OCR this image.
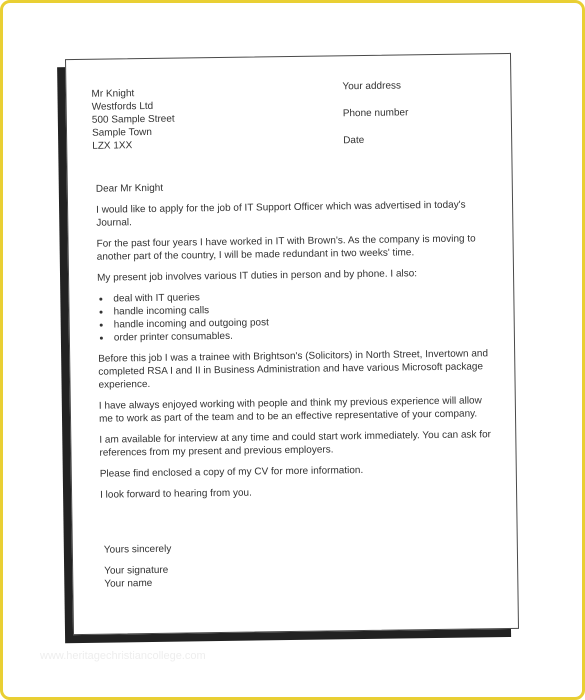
Mr Knight
Westfords Ltd
500 Sample Street
Sample Town
LZX 1XX
Your address
Phone number
Date

Dear Mr Knight

I would like to apply for the job of IT Support Officer which was advertised in today's Journal.

For the past four years I have worked in IT with Brown's. As the company is moving to another part of the country, I will be made redundant in two weeks' time.

My present job involves various IT duties in person and by phone. I also:

• deal with IT queries
• handle incoming calls
• handle incoming and outgoing post
• order printer consumables.

Before this job I was a trainee with Brightson's (Solicitors) in North Street, Invertown and completed RSA I and II in Business Administration and have various Microsoft package experience.

I have always enjoyed working with people and think my previous experience will allow me to work as part of the team and to be an effective representative of your company.

I am available for interview at any time and could start work immediately. You can ask for references from my present and previous employers.

Please find enclosed a copy of my CV for more information.

I look forward to hearing from you.

Yours sincerely
Your signature
Your name
www.heritagechristiancollege.com
